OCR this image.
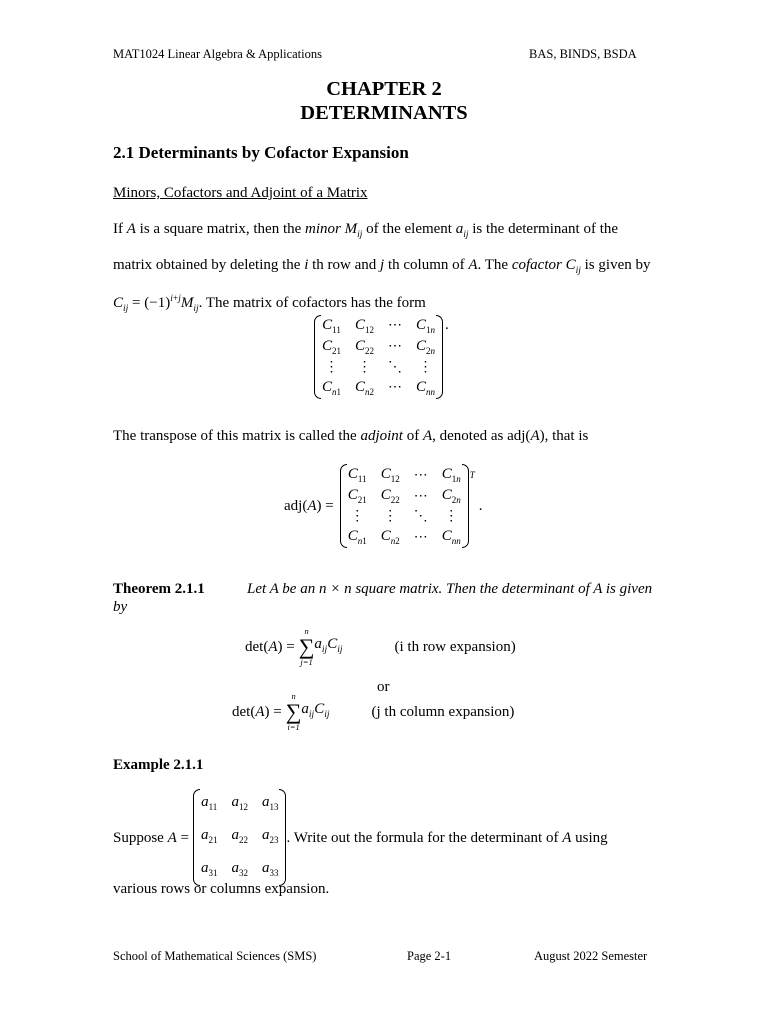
MAT1024 Linear Algebra & Applications	BAS, BINDS, BSDA
CHAPTER 2
DETERMINANTS
2.1 Determinants by Cofactor Expansion
Minors, Cofactors and Adjoint of a Matrix
If A is a square matrix, then the minor $M_{ij}$ of the element $a_{ij}$ is the determinant of the
matrix obtained by deleting the i th row and j th column of A. The cofactor $C_{ij}$ is given by
$C_{ij} = (-1)^{i+j}M_{ij}$. The matrix of cofactors has the form
$C_{11}$ $C_{12}$ ⋯ $C_{1n}$
$C_{21}$ $C_{22}$ ⋯ $C_{2n}$
⋮ ⋮ ⋱ ⋮
$C_{n1}$ $C_{n2}$ ⋯ $C_{nn}$
.
The transpose of this matrix is called the adjoint of A, denoted as adj(A), that is
adj(A) =
$C_{11}$ $C_{12}$ ⋯ $C_{1n}$
$C_{21}$ $C_{22}$ ⋯ $C_{2n}$
⋮ ⋮ ⋱ ⋮
$C_{n1}$ $C_{n2}$ ⋯ $C_{nn}$
T
.
Theorem 2.1.1	Let A be an n × n square matrix. Then the determinant of A is given
by
det(A) =
n
∑
j=1
$a_{ij}C_{ij}$	(i th row expansion)
or
det(A) =
n
∑
i=1
$a_{ij}C_{ij}$	(j th column expansion)
Example 2.1.1
Suppose A =
$a_{11}$ $a_{12}$ $a_{13}$
$a_{21}$ $a_{22}$ $a_{23}$
$a_{31}$ $a_{32}$ $a_{33}$
. Write out the formula for the determinant of A using
various rows or columns expansion.
School of Mathematical Sciences (SMS)	Page 2-1	August 2022 Semester
